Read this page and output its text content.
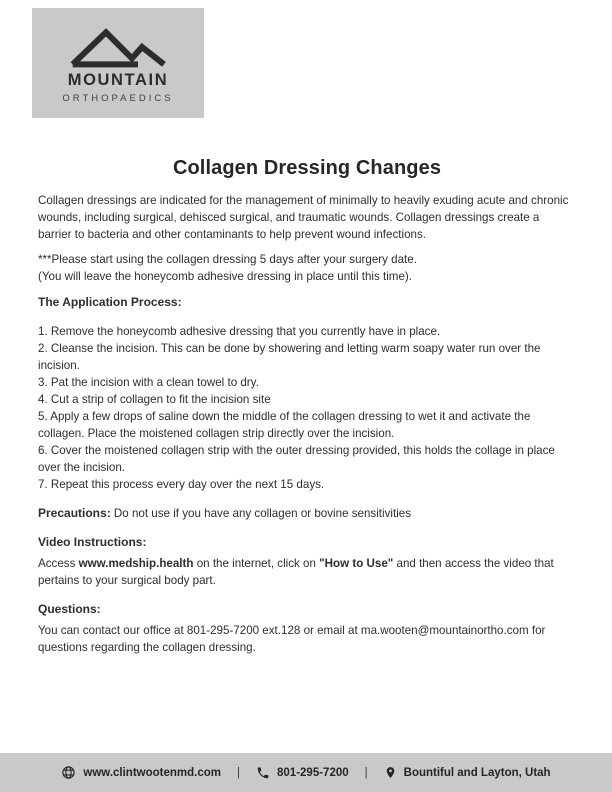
MOUNTAIN
ORTHOPAEDICS
Collagen Dressing Changes

Collagen dressings are indicated for the management of minimally to heavily exuding acute and chronic wounds, including surgical, dehisced surgical, and traumatic wounds. Collagen dressings create a barrier to bacteria and other contaminants to help prevent wound infections.

***Please start using the collagen dressing 5 days after your surgery date.
(You will leave the honeycomb adhesive dressing in place until this time).
The Application Process:
1. Remove the honeycomb adhesive dressing that you currently have in place.
2. Cleanse the incision. This can be done by showering and letting warm soapy water run over the incision.
3. Pat the incision with a clean towel to dry.
4. Cut a strip of collagen to fit the incision site
5. Apply a few drops of saline down the middle of the collagen dressing to wet it and activate the collagen. Place the moistened collagen strip directly over the incision.
6. Cover the moistened collagen strip with the outer dressing provided, this holds the collage in place over the incision.
7. Repeat this process every day over the next 15 days.
Precautions: Do not use if you have any collagen or bovine sensitivities
Video Instructions:

Access www.medship.health on the internet, click on "How to Use" and then access the video that pertains to your surgical body part.

Questions:

You can contact our office at 801-295-7200 ext.128 or email at ma.wooten@mountainortho.com for questions regarding the collagen dressing.

www.clintwootenmd.com |	801-295-7200 |	Bountiful and Layton, Utah
